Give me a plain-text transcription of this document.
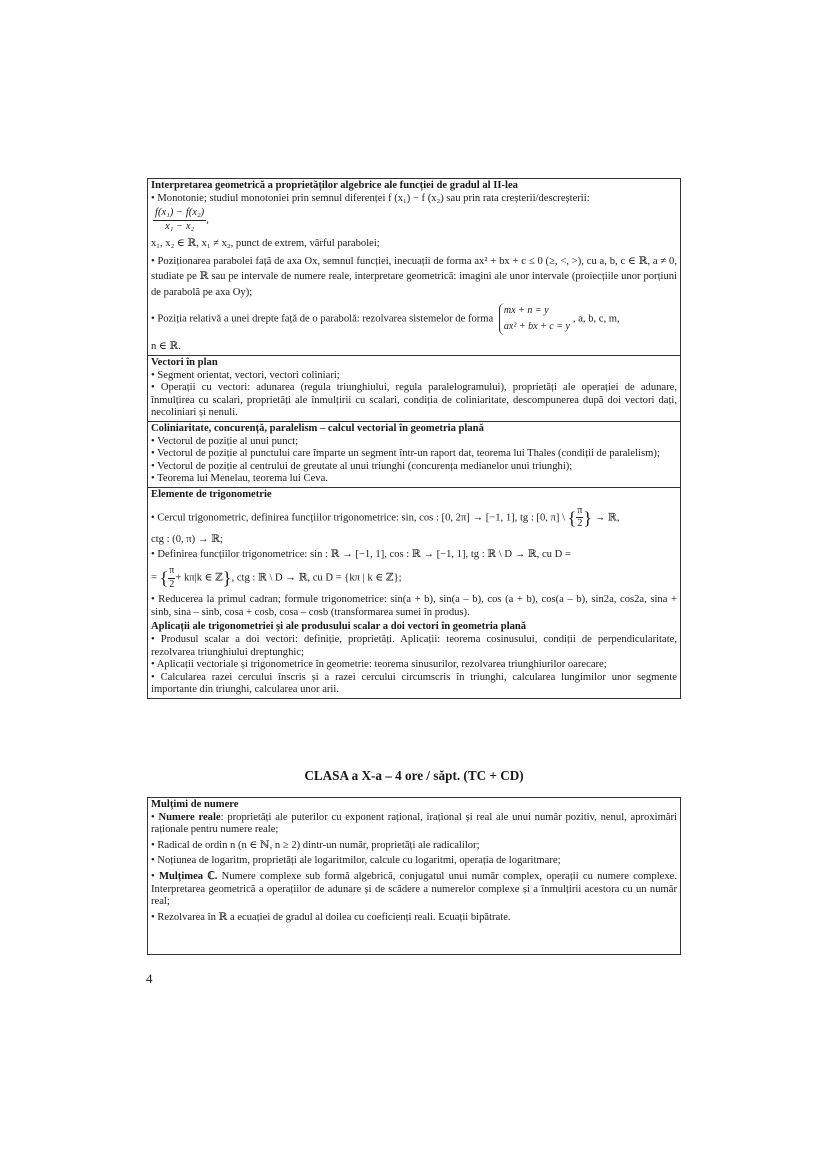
Interpretarea geometrică a proprietăților algebrice ale funcției de gradul al II-lea
• Monotonie; studiul monotoniei prin semnul diferenței f (x₁) − f (x₂) sau prin rata creșterii/descreșterii:
$\frac{\text{f(x₁) − f(x₂)}}{\text{x₁ − x₂}}$ ,
x₁, x₂ ∈ ℝ, x₁ ≠ x₂, punct de extrem, vârful parabolei;
• Poziționarea parabolei față de axa Ox, semnul funcției, inecuații de forma ax² + bx + c ≤ 0 (≥, <, >), cu a, b, c ∈ ℝ, a ≠ 0, studiate pe ℝ sau pe intervale de numere reale, interpretare geometrică: imagini ale unor intervale (proiecțiile unor porțiuni de parabolă pe axa Oy);
• Poziția relativă a unei drepte față de o parabolă: rezolvarea sistemelor de forma
mx + n = y
ax² + bx + c = y
, a, b, c, m,
n ∈ ℝ.
Vectori în plan
• Segment orientat, vectori, vectori coliniari;
• Operații cu vectori: adunarea (regula triunghiului, regula paralelogramului), proprietăți ale operației de adunare, înmulțirea cu scalari, proprietăți ale înmulțirii cu scalari, condiția de coliniaritate, descompunerea după doi vectori dați, necoliniari și nenuli.
Coliniaritate, concurență, paralelism – calcul vectorial în geometria plană
• Vectorul de poziție al unui punct;
• Vectorul de poziție al punctului care împarte un segment într-un raport dat, teorema lui Thales (condiții de paralelism);
• Vectorul de poziție al centrului de greutate al unui triunghi (concurența medianelor unui triunghi);
• Teorema lui Menelau, teorema lui Ceva.
Elemente de trigonometrie
• Cercul trigonometric, definirea funcțiilor trigonometrice: sin, cos : [0, 2π] → [−1, 1], tg : [0, π] \ { $\frac{\pi}{2}$ } → ℝ,
ctg : (0, π) → ℝ;
• Definirea funcțiilor trigonometrice: sin : ℝ → [−1, 1], cos : ℝ → [−1, 1], tg : ℝ \ D → ℝ, cu D =
= { $\frac{\pi}{2} + k\pi|k$ ∈ ℤ}, ctg : ℝ \ D → ℝ, cu D = {kπ | k ∈ ℤ};
• Reducerea la primul cadran; formule trigonometrice: sin(a + b), sin(a – b), cos (a + b), cos(a – b), sin2a, cos2a, sina + sinb, sina – sinb, cosa + cosb, cosa – cosb (transformarea sumei în produs).
Aplicații ale trigonometriei și ale produsului scalar a doi vectori în geometria plană
• Produsul scalar a doi vectori: definiție, proprietăți. Aplicații: teorema cosinusului, condiții de perpendicularitate, rezolvarea triunghiului dreptunghic;
• Aplicații vectoriale și trigonometrice în geometrie: teorema sinusurilor, rezolvarea triunghiurilor oarecare;
• Calcularea razei cercului înscris și a razei cercului circumscris în triunghi, calcularea lungimilor unor segmente importante din triunghi, calcularea unor arii.
CLASA a X-a – 4 ore / săpt. (TC + CD)
Mulțimi de numere
• Numere reale: proprietăți ale puterilor cu exponent rațional, irațional și real ale unui număr pozitiv, nenul, aproximări raționale pentru numere reale;
• Radical de ordin n (n ∈ ℕ, n ≥ 2) dintr-un număr, proprietăți ale radicalilor;
• Noțiunea de logaritm, proprietăți ale logaritmilor, calcule cu logaritmi, operația de logaritmare;
• Mulțimea ℂ. Numere complexe sub formă algebrică, conjugatul unui număr complex, operații cu numere complexe. Interpretarea geometrică a operațiilor de adunare și de scădere a numerelor complexe și a înmulțirii acestora cu un număr real;
• Rezolvarea în ℝ a ecuației de gradul al doilea cu coeficienți reali. Ecuații bipătrate.
4
